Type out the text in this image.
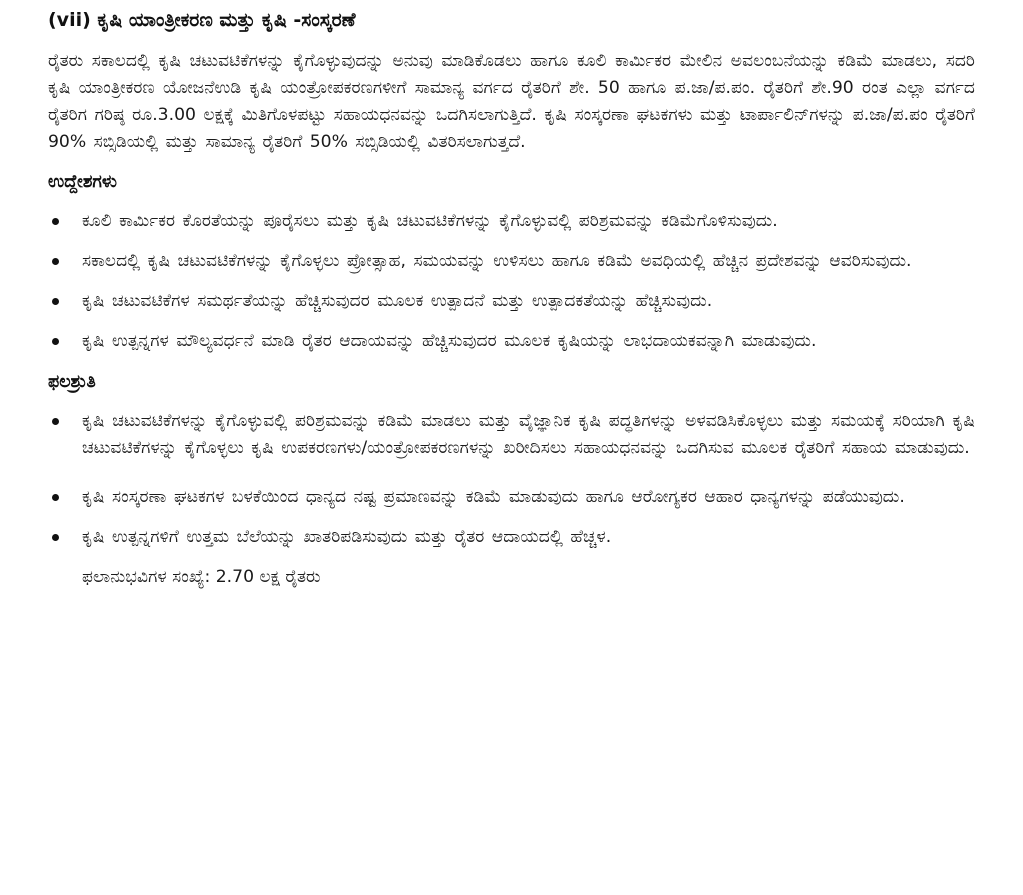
(vii) ಕೃಷಿ ಯಾಂತ್ರೀಕರಣ ಮತ್ತು ಕೃಷಿ -ಸಂಸ್ಕರಣೆ

ರೈತರು ಸಕಾಲದಲ್ಲಿ ಕೃಷಿ ಚಟುವಟಿಕೆಗಳನ್ನು ಕೈಗೊಳ್ಳುವುದನ್ನು ಅನುವು ಮಾಡಿಕೊಡಲು ಹಾಗೂ ಕೂಲಿ ಕಾರ್ಮಿಕರ ಮೇಲಿನ ಅವಲಂಬನೆಯನ್ನು ಕಡಿಮೆ ಮಾಡಲು, ಸದರಿ ಕೃಷಿ ಯಾಂತ್ರೀಕರಣ ಯೋಜನೆಉಡಿ ಕೃಷಿ ಯಂತ್ರೋಪಕರಣಗಳೀಗೆ ಸಾಮಾನ್ಯ ವರ್ಗದ ರೈತರಿಗೆ ಶೇ. 50 ಹಾಗೂ ಪ.ಜಾ/ಪ.ಪಂ. ರೈತರಿಗೆ ಶೇ.90 ರಂತ ಎಲ್ಲಾ ವರ್ಗದ ರೈತರಿಗ ಗರಿಷ್ಠ ರೂ.3.00 ಲಕ್ಷಕ್ಕೆ ಮಿತಿಗೊಳಪಟ್ಟು ಸಹಾಯಧನವನ್ನು ಒದಗಿಸಲಾಗುತ್ತಿದೆ. ಕೃಷಿ ಸಂಸ್ಕರಣಾ ಘಟಕಗಳು ಮತ್ತು ಟಾರ್ಪಾಲಿನ್‌ಗಳನ್ನು ಪ.ಜಾ/ಪ.ಪಂ ರೈತರಿಗೆ 90% ಸಬ್ಸಿಡಿಯಲ್ಲಿ ಮತ್ತು ಸಾಮಾನ್ಯ ರೈತರಿಗೆ 50% ಸಬ್ಸಿಡಿಯಲ್ಲಿ ವಿತರಿಸಲಾಗುತ್ತದೆ.

ಉದ್ದೇಶಗಳು
ಕೂಲಿ ಕಾರ್ಮಿಕರ ಕೊರತೆಯನ್ನು ಪೂರೈಸಲು ಮತ್ತು ಕೃಷಿ ಚಟುವಟಿಕೆಗಳನ್ನು ಕೈಗೊಳ್ಳುವಲ್ಲಿ ಪರಿಶ್ರಮವನ್ನು ಕಡಿಮೆಗೊಳಿಸುವುದು.
ಸಕಾಲದಲ್ಲಿ ಕೃಷಿ ಚಟುವಟಿಕೆಗಳನ್ನು ಕೈಗೊಳ್ಳಲು ಪ್ರೋತ್ಸಾಹ, ಸಮಯವನ್ನು ಉಳಿಸಲು ಹಾಗೂ ಕಡಿಮೆ ಅವಧಿಯಲ್ಲಿ ಹೆಚ್ಚಿನ ಪ್ರದೇಶವನ್ನು ಆವರಿಸುವುದು.
ಕೃಷಿ ಚಟುವಟಿಕೆಗಳ ಸಮರ್ಥತೆಯನ್ನು ಹೆಚ್ಚಿಸುವುದರ ಮೂಲಕ ಉತ್ಪಾದನೆ ಮತ್ತು ಉತ್ಪಾದಕತೆಯನ್ನು ಹೆಚ್ಚಿಸುವುದು.
ಕೃಷಿ ಉತ್ಪನ್ನಗಳ ಮೌಲ್ಯವರ್ಧನೆ ಮಾಡಿ ರೈತರ ಆದಾಯವನ್ನು ಹೆಚ್ಚಿಸುವುದರ ಮೂಲಕ ಕೃಷಿಯನ್ನು ಲಾಭದಾಯಕವನ್ನಾಗಿ ಮಾಡುವುದು.
ಫಲಶ್ರುತಿ
ಕೃಷಿ ಚಟುವಟಿಕೆಗಳನ್ನು ಕೈಗೊಳ್ಳುವಲ್ಲಿ ಪರಿಶ್ರಮವನ್ನು ಕಡಿಮೆ ಮಾಡಲು ಮತ್ತು ವೈಜ್ಞಾನಿಕ ಕೃಷಿ ಪದ್ಧತಿಗಳನ್ನು ಅಳವಡಿಸಿಕೊಳ್ಳಲು ಮತ್ತು ಸಮಯಕ್ಕೆ ಸರಿಯಾಗಿ ಕೃಷಿ ಚಟುವಟಿಕೆಗಳನ್ನು ಕೈಗೊಳ್ಳಲು ಕೃಷಿ ಉಪಕರಣಗಳು/ಯಂತ್ರೋಪಕರಣಗಳನ್ನು ಖರೀದಿಸಲು ಸಹಾಯಧನವನ್ನು ಒದಗಿಸುವ ಮೂಲಕ ರೈತರಿಗೆ ಸಹಾಯ ಮಾಡುವುದು.
ಕೃಷಿ ಸಂಸ್ಕರಣಾ ಘಟಕಗಳ ಬಳಕೆಯಿಂದ ಧಾನ್ಯದ ನಷ್ಟ ಪ್ರಮಾಣವನ್ನು ಕಡಿಮೆ ಮಾಡುವುದು ಹಾಗೂ ಆರೋಗ್ಯಕರ ಆಹಾರ ಧಾನ್ಯಗಳನ್ನು ಪಡೆಯುವುದು.
ಕೃಷಿ ಉತ್ಪನ್ನಗಳಿಗೆ ಉತ್ತಮ ಬೆಲೆಯನ್ನು ಖಾತರಿಪಡಿಸುವುದು ಮತ್ತು ರೈತರ ಆದಾಯದಲ್ಲಿ ಹೆಚ್ಚಳ.
ಫಲಾನುಭವಿಗಳ ಸಂಖ್ಯೆ: 2.70 ಲಕ್ಷ ರೈತರು
